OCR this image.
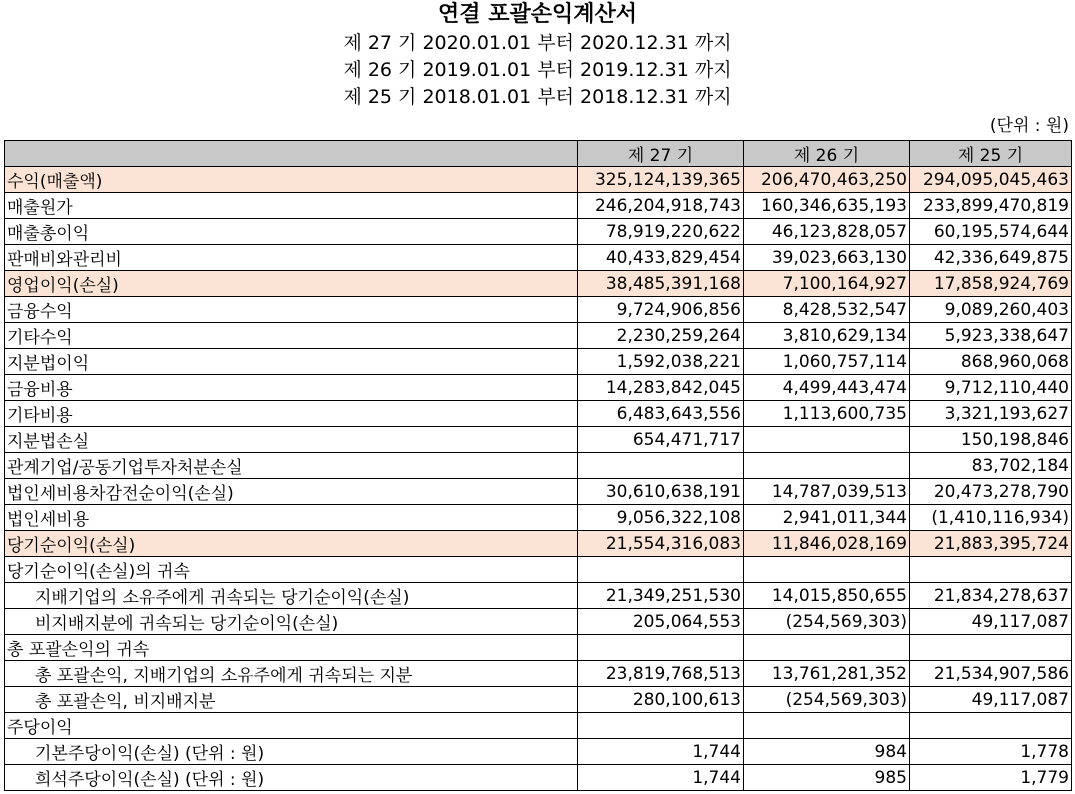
연결 포괄손익계산서
제 27 기 2020.01.01 부터 2020.12.31 까지
제 26 기 2019.01.01 부터 2019.12.31 까지
제 25 기 2018.01.01 부터 2018.12.31 까지
(단위 : 원)
	제 27 기	제 26 기	제 25 기
수익(매출액)	325,124,139,365	206,470,463,250	294,095,045,463
매출원가	246,204,918,743	160,346,635,193	233,899,470,819
매출총이익	78,919,220,622	46,123,828,057	60,195,574,644
판매비와관리비	40,433,829,454	39,023,663,130	42,336,649,875
영업이익(손실)	38,485,391,168	7,100,164,927	17,858,924,769
금융수익	9,724,906,856	8,428,532,547	9,089,260,403
기타수익	2,230,259,264	3,810,629,134	5,923,338,647
지분법이익	1,592,038,221	1,060,757,114	868,960,068
금융비용	14,283,842,045	4,499,443,474	9,712,110,440
기타비용	6,483,643,556	1,113,600,735	3,321,193,627
지분법손실	654,471,717		150,198,846
관계기업/공동기업투자처분손실			83,702,184
법인세비용차감전순이익(손실)	30,610,638,191	14,787,039,513	20,473,278,790
법인세비용	9,056,322,108	2,941,011,344	(1,410,116,934)
당기순이익(손실)	21,554,316,083	11,846,028,169	21,883,395,724
당기순이익(손실)의 귀속			
지배기업의 소유주에게 귀속되는 당기순이익(손실)	21,349,251,530	14,015,850,655	21,834,278,637
비지배지분에 귀속되는 당기순이익(손실)	205,064,553	(254,569,303)	49,117,087
총 포괄손익의 귀속			
총 포괄손익, 지배기업의 소유주에게 귀속되는 지분	23,819,768,513	13,761,281,352	21,534,907,586
총 포괄손익, 비지배지분	280,100,613	(254,569,303)	49,117,087
주당이익			
기본주당이익(손실) (단위 : 원)	1,744	984	1,778
희석주당이익(손실) (단위 : 원)	1,744	985	1,779
